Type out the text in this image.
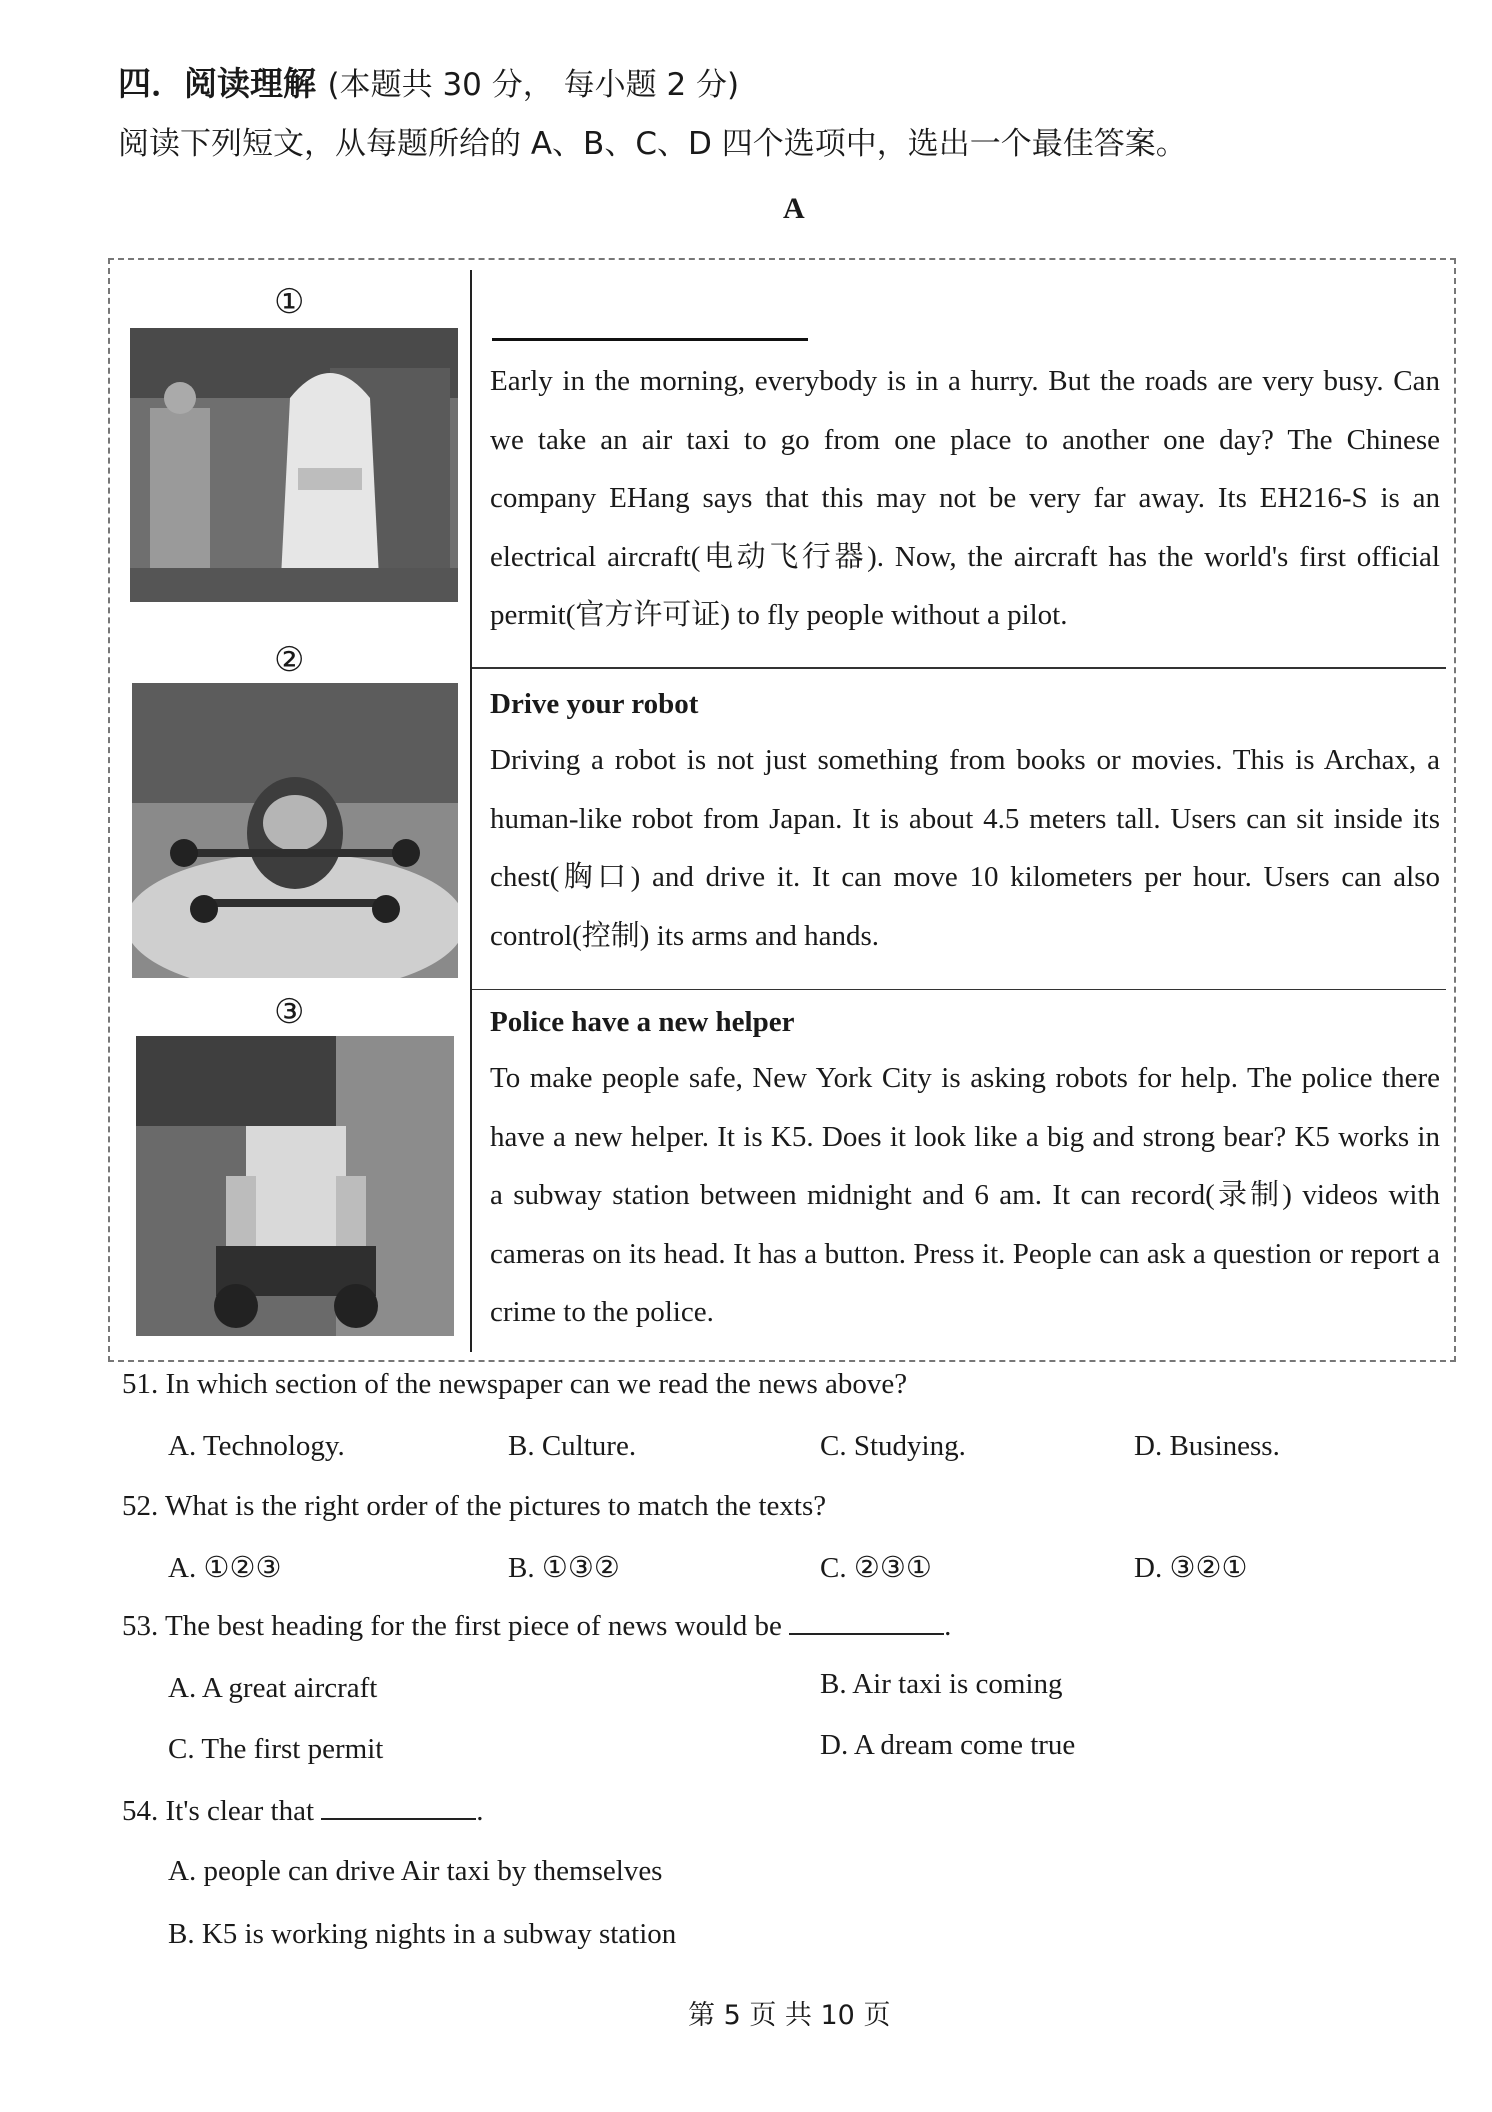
四．阅读理解 (本题共 30 分， 每小题 2 分)
阅读下列短文，从每题所给的 A、B、C、D 四个选项中，选出一个最佳答案。
A
①
②
③
Early in the morning, everybody is in a hurry. But the roads are very busy. Can we take an air taxi to go from one place to another one day? The Chinese company EHang says that this may not be very far away. Its EH216-S is an electrical aircraft(电动飞行器). Now, the aircraft has the world's first official permit(官方许可证) to fly people without a pilot.
Drive your robot
Driving a robot is not just something from books or movies. This is Archax, a human-like robot from Japan. It is about 4.5 meters tall. Users can sit inside its chest(胸口) and drive it. It can move 10 kilometers per hour. Users can also control(控制) its arms and hands.
Police have a new helper
To make people safe, New York City is asking robots for help. The police there have a new helper. It is K5. Does it look like a big and strong bear? K5 works in a subway station between midnight and 6 am. It can record(录制) videos with cameras on its head. It has a button. Press it. People can ask a question or report a crime to the police.
51. In which section of the newspaper can we read the news above?
A. Technology.	B. Culture.	C. Studying.	D. Business.
52. What is the right order of the pictures to match the texts?
A. ①②③	B. ①③②	C. ②③①	D. ③②①
53. The best heading for the first piece of news would be	.
A. A great aircraft	B. Air taxi is coming
C. The first permit	D. A dream come true
54. It's clear that	.
A. people can drive Air taxi by themselves
B. K5 is working nights in a subway station
第 5 页 共 10 页
